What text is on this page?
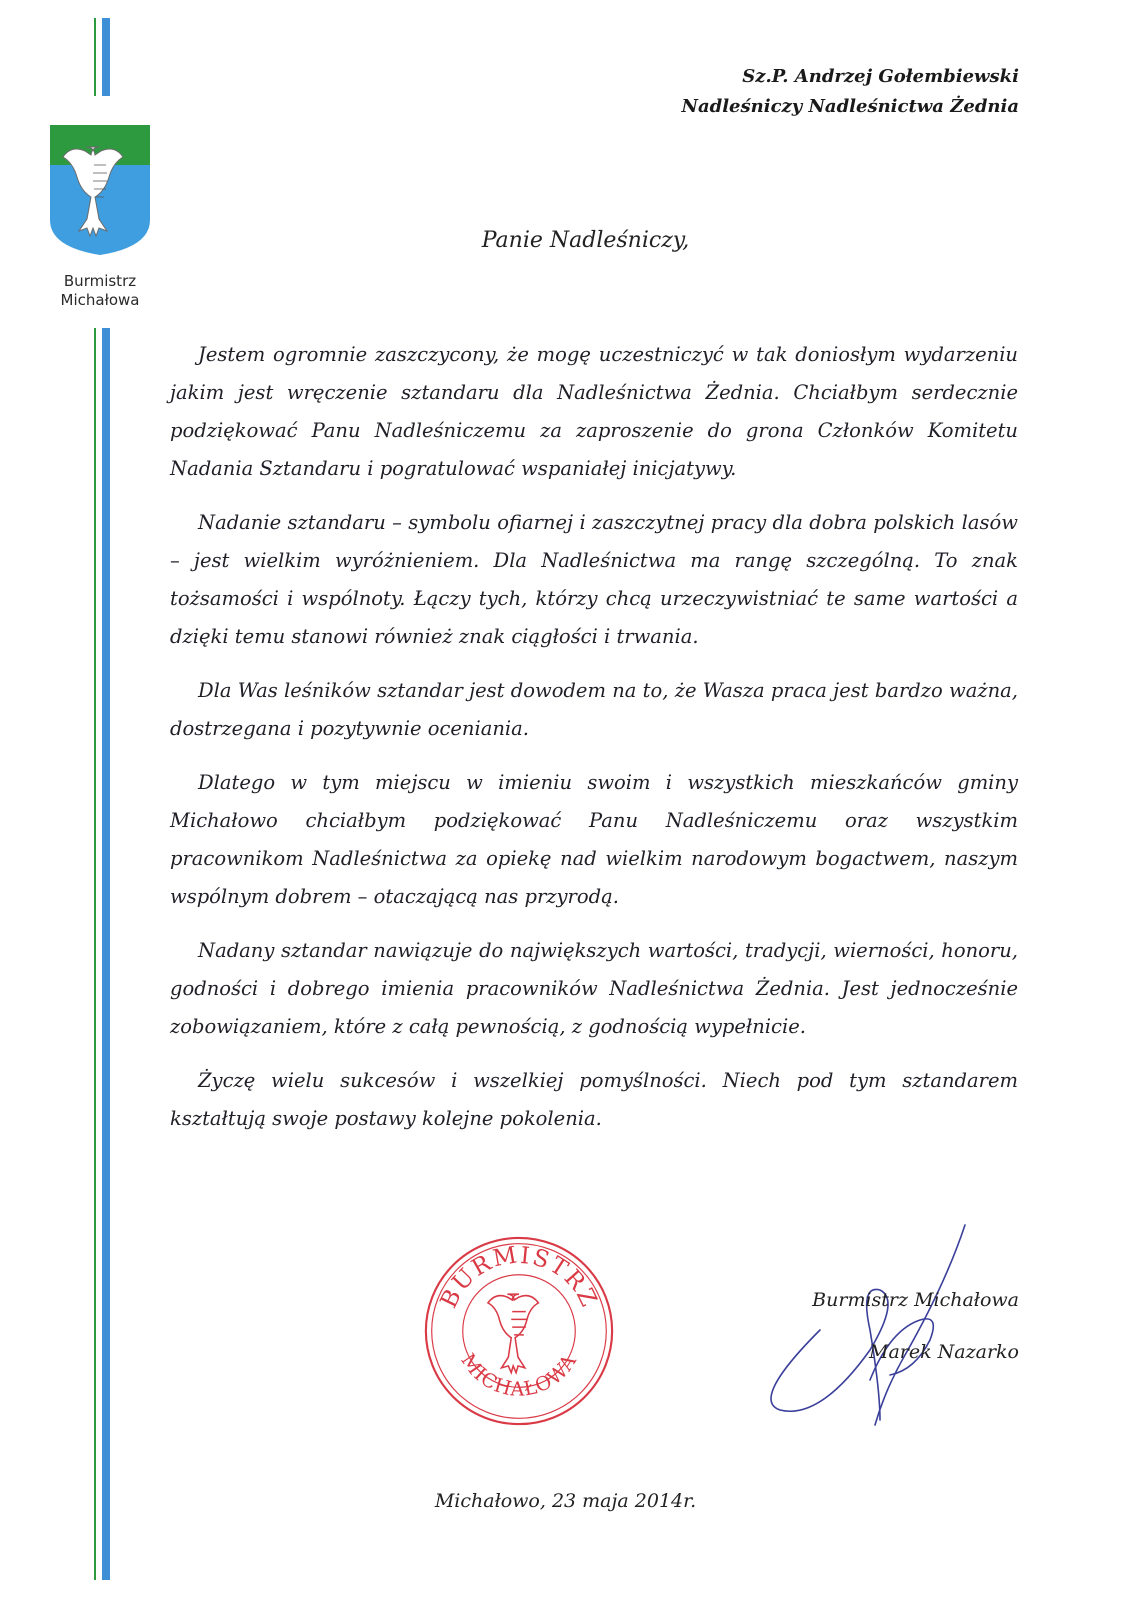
Burmistrz
Michałowa
Sz.P. Andrzej Gołembiewski
Nadleśniczy Nadleśnictwa Żednia
Panie Nadleśniczy,

Jestem ogromnie zaszczycony, że mogę uczestniczyć w tak doniosłym wydarzeniu jakim jest wręczenie sztandaru dla Nadleśnictwa Żednia. Chciałbym serdecznie podziękować Panu Nadleśniczemu za zaproszenie do grona Członków Komitetu Nadania Sztandaru i pogratulować wspaniałej inicjatywy.

Nadanie sztandaru – symbolu ofiarnej i zaszczytnej pracy dla dobra polskich lasów – jest wielkim wyróżnieniem. Dla Nadleśnictwa ma rangę szczególną. To znak tożsamości i wspólnoty. Łączy tych, którzy chcą urzeczywistniać te same wartości a dzięki temu stanowi również znak ciągłości i trwania.

Dla Was leśników sztandar jest dowodem na to, że Wasza praca jest bardzo ważna, dostrzegana i pozytywnie oceniania.

Dlatego w tym miejscu w imieniu swoim i wszystkich mieszkańców gminy Michałowo chciałbym podziękować Panu Nadleśniczemu oraz wszystkim pracownikom Nadleśnictwa za opiekę nad wielkim narodowym bogactwem, naszym wspólnym dobrem – otaczającą nas przyrodą.

Nadany sztandar nawiązuje do największych wartości, tradycji, wierności, honoru, godności i dobrego imienia pracowników Nadleśnictwa Żednia. Jest jednocześnie zobowiązaniem, które z całą pewnością, z godnością wypełnicie.

Życzę wielu sukcesów i wszelkiej pomyślności. Niech pod tym sztandarem kształtują swoje postawy kolejne pokolenia.

BURMISTRZ
MICHAŁOWA
Burmistrz Michałowa
Marek Nazarko
Michałowo, 23 maja 2014r.
